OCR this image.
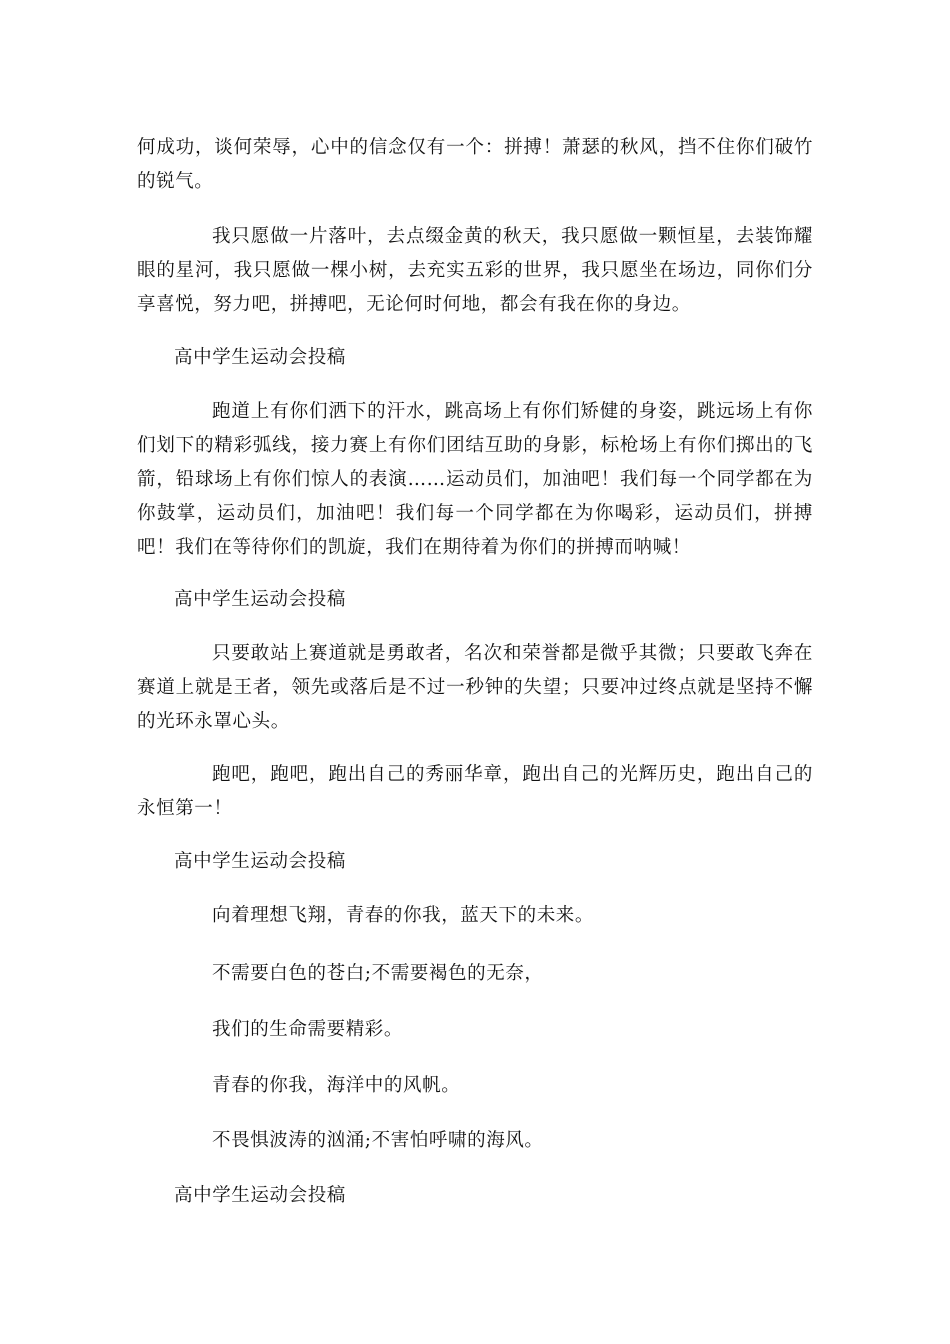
何成功，谈何荣辱，心中的信念仅有一个：拼搏！萧瑟的秋风，挡不住你们破竹的锐气。

我只愿做一片落叶，去点缀金黄的秋天，我只愿做一颗恒星，去装饰耀眼的星河，我只愿做一棵小树，去充实五彩的世界，我只愿坐在场边，同你们分享喜悦，努力吧，拼搏吧，无论何时何地，都会有我在你的身边。

高中学生运动会投稿

跑道上有你们洒下的汗水，跳高场上有你们矫健的身姿，跳远场上有你们划下的精彩弧线，接力赛上有你们团结互助的身影，标枪场上有你们掷出的飞箭，铅球场上有你们惊人的表演……运动员们，加油吧！我们每一个同学都在为你鼓掌，运动员们，加油吧！我们每一个同学都在为你喝彩，运动员们，拼搏吧！我们在等待你们的凯旋，我们在期待着为你们的拼搏而呐喊！

高中学生运动会投稿

只要敢站上赛道就是勇敢者，名次和荣誉都是微乎其微；只要敢飞奔在赛道上就是王者，领先或落后是不过一秒钟的失望；只要冲过终点就是坚持不懈的光环永罩心头。

跑吧，跑吧，跑出自己的秀丽华章，跑出自己的光辉历史，跑出自己的永恒第一！

高中学生运动会投稿

向着理想飞翔，青春的你我，蓝天下的未来。

不需要白色的苍白;不需要褐色的无奈，

我们的生命需要精彩。

青春的你我，海洋中的风帆。

不畏惧波涛的汹涌;不害怕呼啸的海风。

高中学生运动会投稿
